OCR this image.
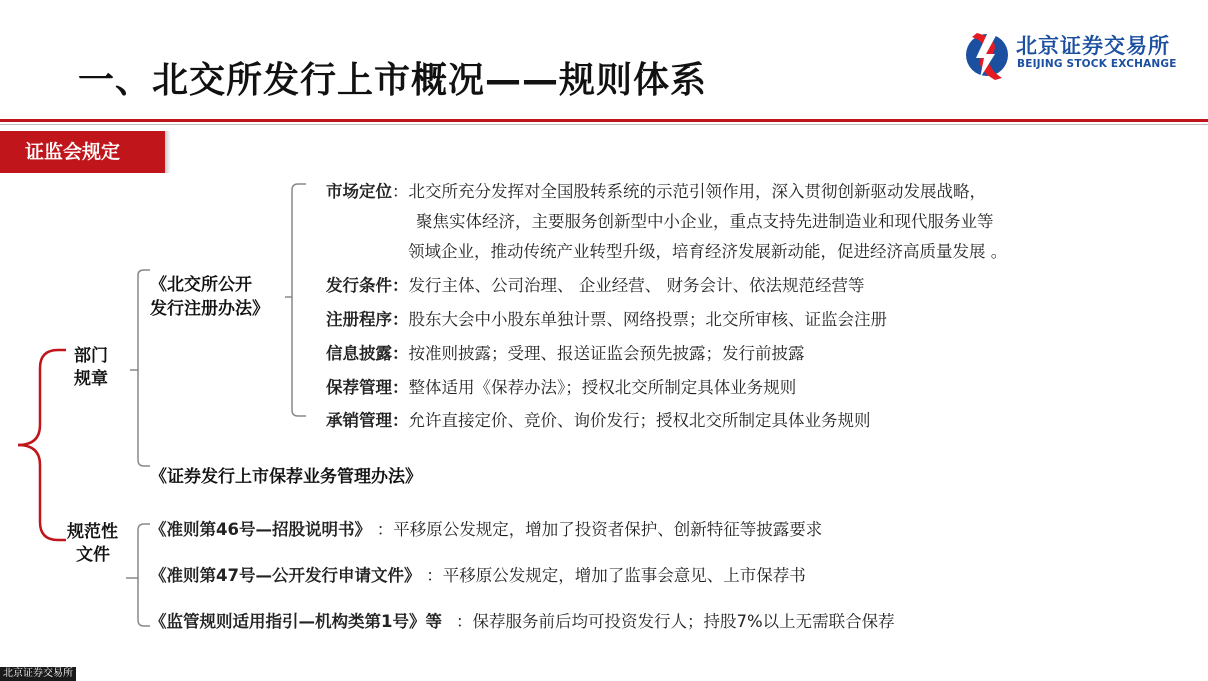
一、北交所发行上市概况——规则体系
北京证券交易所
BEIJING STOCK EXCHANGE
证监会规定
部门
规章
规范性
文件
《北交所公开
发行注册办法》
《证券发行上市保荐业务管理办法》
市场定位：北交所充分发挥对全国股转系统的示范引领作用，深入贯彻创新驱动发展战略，
聚焦实体经济，主要服务创新型中小企业，重点支持先进制造业和现代服务业等
领域企业，推动传统产业转型升级，培育经济发展新动能，促进经济高质量发展 。
发行条件：发行主体、公司治理、 企业经营、 财务会计、依法规范经营等
注册程序：股东大会中小股东单独计票、网络投票；北交所审核、证监会注册
信息披露：按准则披露；受理、报送证监会预先披露；发行前披露
保荐管理：整体适用《保荐办法》；授权北交所制定具体业务规则
承销管理：允许直接定价、竞价、询价发行；授权北交所制定具体业务规则
《准则第46号—招股说明书》 ：平移原公发规定，增加了投资者保护、创新特征等披露要求
《准则第47号—公开发行申请文件》 ：平移原公发规定，增加了监事会意见、上市保荐书
《监管规则适用指引—机构类第1号》等 ：保荐服务前后均可投资发行人；持股7%以上无需联合保荐
北京证券交易所
